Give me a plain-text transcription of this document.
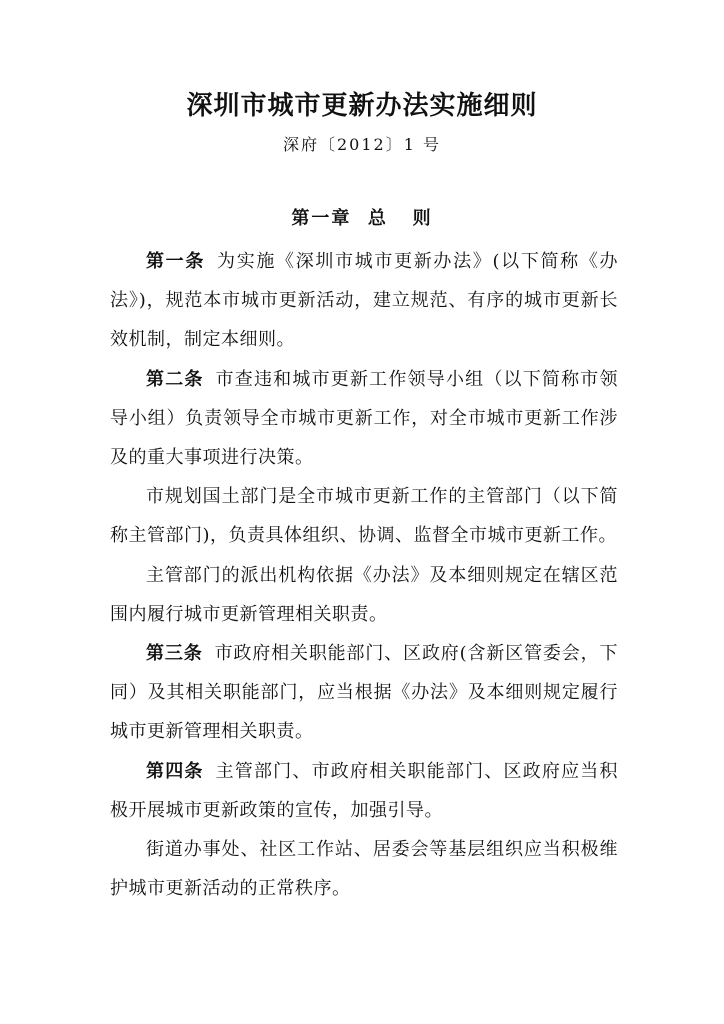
深圳市城市更新办法实施细则
深府〔2012〕1 号
第一章  总   则

第一条 为实施《深圳市城市更新办法》(以下简称《办法》)，规范本市城市更新活动，建立规范、有序的城市更新长效机制，制定本细则。

第二条 市查违和城市更新工作领导小组（以下简称市领导小组）负责领导全市城市更新工作，对全市城市更新工作涉及的重大事项进行决策。

市规划国土部门是全市城市更新工作的主管部门（以下简称主管部门)，负责具体组织、协调、监督全市城市更新工作。

主管部门的派出机构依据《办法》及本细则规定在辖区范围内履行城市更新管理相关职责。

第三条 市政府相关职能部门、区政府(含新区管委会，下同）及其相关职能部门，应当根据《办法》及本细则规定履行城市更新管理相关职责。

第四条 主管部门、市政府相关职能部门、区政府应当积极开展城市更新政策的宣传，加强引导。

街道办事处、社区工作站、居委会等基层组织应当积极维护城市更新活动的正常秩序。
